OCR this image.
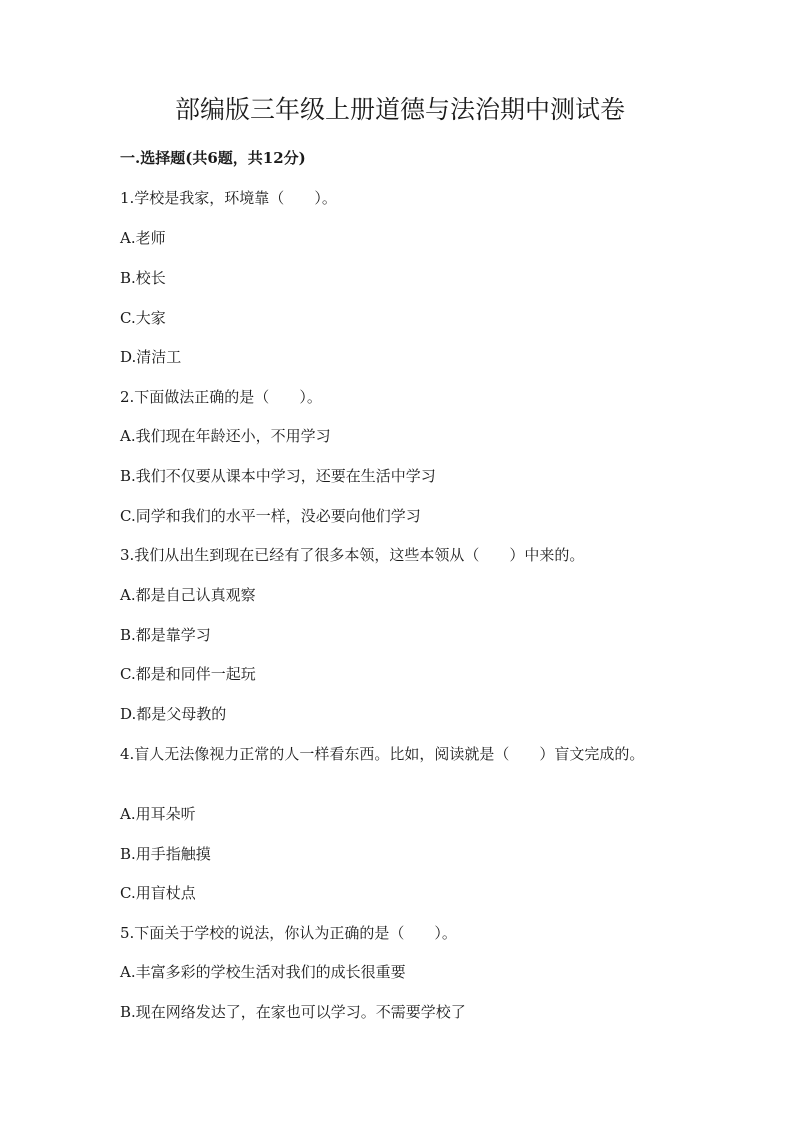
部编版三年级上册道德与法治期中测试卷
一.选择题(共6题，共12分)
1.学校是我家，环境靠（　　）。
A.老师
B.校长
C.大家
D.清洁工
2.下面做法正确的是（　　）。
A.我们现在年龄还小，不用学习
B.我们不仅要从课本中学习，还要在生活中学习
C.同学和我们的水平一样，没必要向他们学习
3.我们从出生到现在已经有了很多本领，这些本领从（　　）中来的。
A.都是自己认真观察
B.都是靠学习
C.都是和同伴一起玩
D.都是父母教的
4.盲人无法像视力正常的人一样看东西。比如，阅读就是（　　）盲文完成的。
A.用耳朵听
B.用手指触摸
C.用盲杖点
5.下面关于学校的说法，你认为正确的是（　　）。
A.丰富多彩的学校生活对我们的成长很重要
B.现在网络发达了，在家也可以学习。不需要学校了
